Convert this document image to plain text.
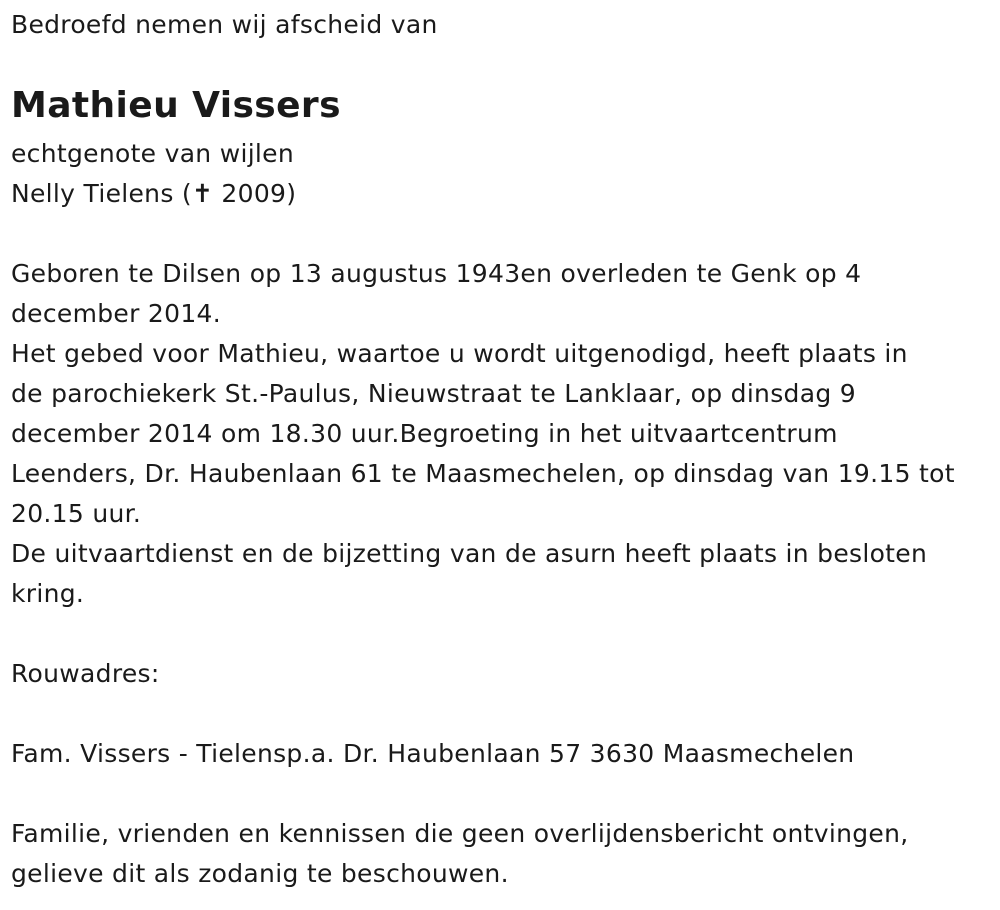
Bedroefd nemen wij afscheid van
Mathieu Vissers
echtgenote van wijlen
Nelly Tielens (✝ 2009)
Geboren te Dilsen op 13 augustus 1943en overleden te Genk op 4
december 2014.
Het gebed voor Mathieu, waartoe u wordt uitgenodigd, heeft plaats in
de parochiekerk St.-Paulus, Nieuwstraat te Lanklaar, op dinsdag 9
december 2014 om 18.30 uur.Begroeting in het uitvaartcentrum
Leenders, Dr. Haubenlaan 61 te Maasmechelen, op dinsdag van 19.15 tot
20.15 uur.
De uitvaartdienst en de bijzetting van de asurn heeft plaats in besloten
kring.
Rouwadres:
Fam. Vissers - Tielensp.a. Dr. Haubenlaan 57 3630 Maasmechelen
Familie, vrienden en kennissen die geen overlijdensbericht ontvingen,
gelieve dit als zodanig te beschouwen.
